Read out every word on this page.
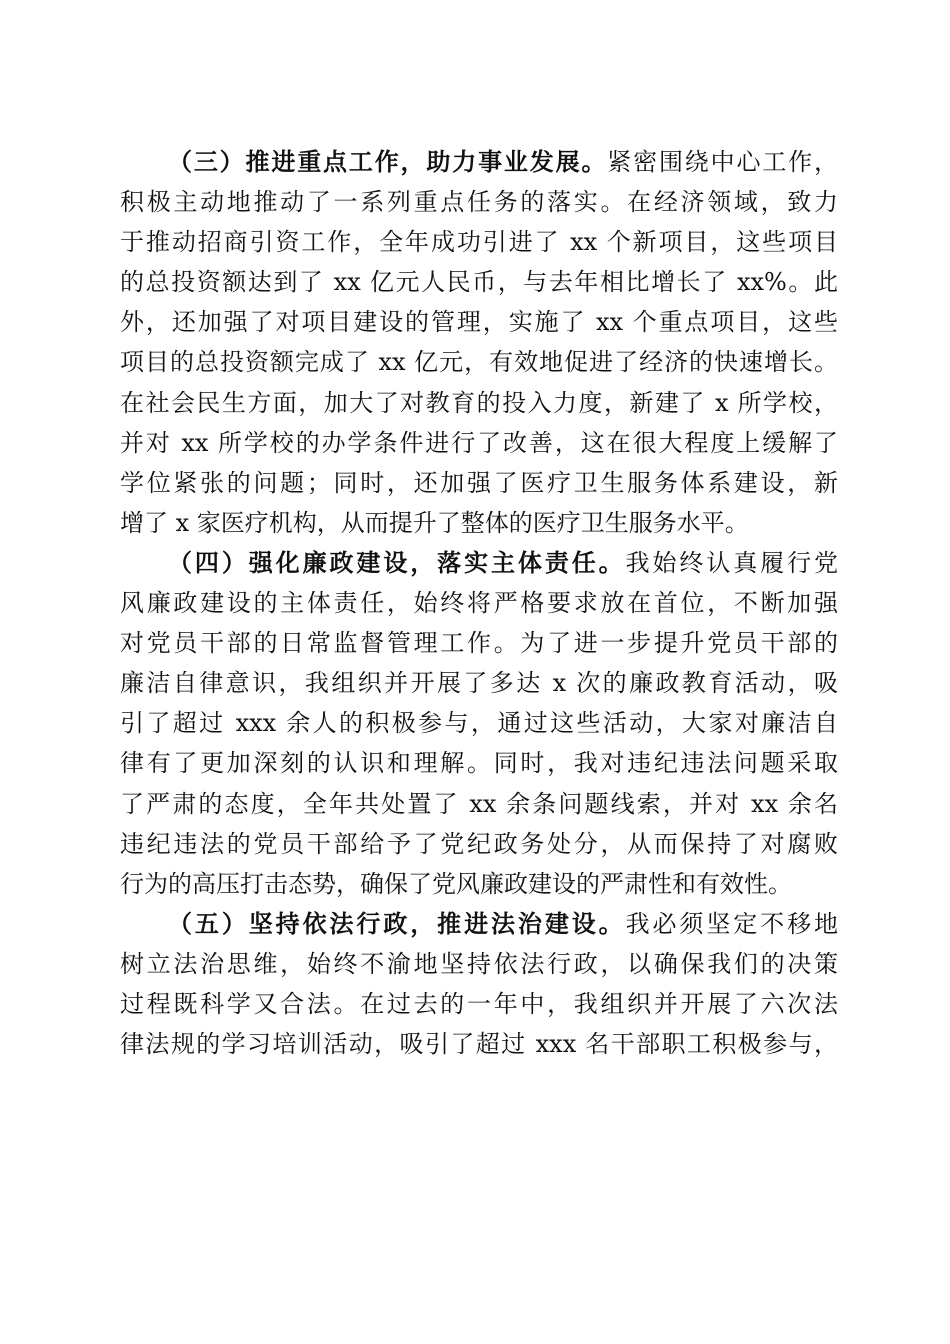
（三）推进重点工作，助力事业发展。紧密围绕中心工作，
积极主动地推动了一系列重点任务的落实。在经济领域，致力
于推动招商引资工作，全年成功引进了 xx 个新项目，这些项目
的总投资额达到了 xx 亿元人民币，与去年相比增长了 xx%。此
外，还加强了对项目建设的管理，实施了 xx 个重点项目，这些
项目的总投资额完成了 xx 亿元，有效地促进了经济的快速增长。
在社会民生方面，加大了对教育的投入力度，新建了 x 所学校，
并对 xx 所学校的办学条件进行了改善，这在很大程度上缓解了
学位紧张的问题；同时，还加强了医疗卫生服务体系建设，新
增了 x 家医疗机构，从而提升了整体的医疗卫生服务水平。
（四）强化廉政建设，落实主体责任。我始终认真履行党
风廉政建设的主体责任，始终将严格要求放在首位，不断加强
对党员干部的日常监督管理工作。为了进一步提升党员干部的
廉洁自律意识，我组织并开展了多达 x 次的廉政教育活动，吸
引了超过 xxx 余人的积极参与，通过这些活动，大家对廉洁自
律有了更加深刻的认识和理解。同时，我对违纪违法问题采取
了严肃的态度，全年共处置了 xx 余条问题线索，并对 xx 余名
违纪违法的党员干部给予了党纪政务处分，从而保持了对腐败
行为的高压打击态势，确保了党风廉政建设的严肃性和有效性。
（五）坚持依法行政，推进法治建设。我必须坚定不移地
树立法治思维，始终不渝地坚持依法行政，以确保我们的决策
过程既科学又合法。在过去的一年中，我组织并开展了六次法
律法规的学习培训活动，吸引了超过 xxx 名干部职工积极参与，
